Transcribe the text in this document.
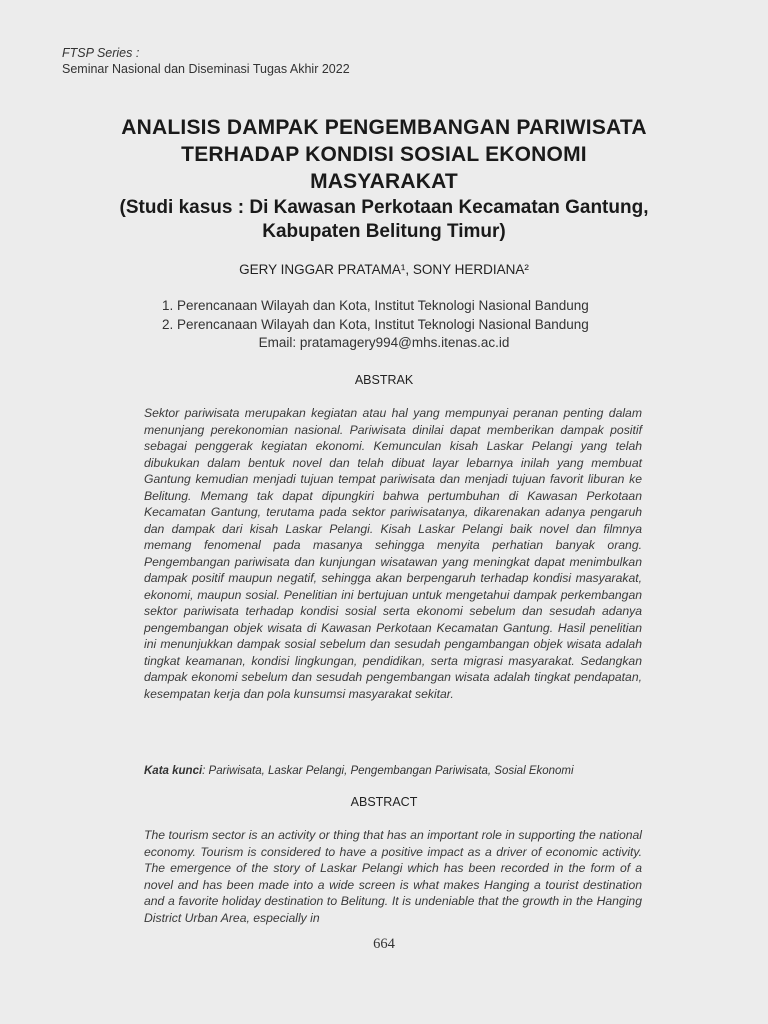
FTSP Series :
Seminar Nasional dan Diseminasi Tugas Akhir 2022
ANALISIS DAMPAK PENGEMBANGAN PARIWISATA
TERHADAP KONDISI SOSIAL EKONOMI
MASYARAKAT
(Studi kasus : Di Kawasan Perkotaan Kecamatan Gantung,
Kabupaten Belitung Timur)
GERY INGGAR PRATAMA¹, SONY HERDIANA²
1. Perencanaan Wilayah dan Kota, Institut Teknologi Nasional Bandung
2. Perencanaan Wilayah dan Kota, Institut Teknologi Nasional Bandung
Email: pratamagery994@mhs.itenas.ac.id
ABSTRAK

Sektor pariwisata merupakan kegiatan atau hal yang mempunyai peranan penting dalam menunjang perekonomian nasional. Pariwisata dinilai dapat memberikan dampak positif sebagai penggerak kegiatan ekonomi. Kemunculan kisah Laskar Pelangi yang telah dibukukan dalam bentuk novel dan telah dibuat layar lebarnya inilah yang membuat Gantung kemudian menjadi tujuan tempat pariwisata dan menjadi tujuan favorit liburan ke Belitung. Memang tak dapat dipungkiri bahwa pertumbuhan di Kawasan Perkotaan Kecamatan Gantung, terutama pada sektor pariwisatanya, dikarenakan adanya pengaruh dan dampak dari kisah Laskar Pelangi. Kisah Laskar Pelangi baik novel dan filmnya memang fenomenal pada masanya sehingga menyita perhatian banyak orang. Pengembangan pariwisata dan kunjungan wisatawan yang meningkat dapat menimbulkan dampak positif maupun negatif, sehingga akan berpengaruh terhadap kondisi masyarakat, ekonomi, maupun sosial. Penelitian ini bertujuan untuk mengetahui dampak perkembangan sektor pariwisata terhadap kondisi sosial serta ekonomi sebelum dan sesudah adanya pengembangan objek wisata di Kawasan Perkotaan Kecamatan Gantung. Hasil penelitian ini menunjukkan dampak sosial sebelum dan sesudah pengambangan objek wisata adalah tingkat keamanan, kondisi lingkungan, pendidikan, serta migrasi masyarakat. Sedangkan dampak ekonomi sebelum dan sesudah pengembangan wisata adalah tingkat pendapatan, kesempatan kerja dan pola kunsumsi masyarakat sekitar.

Kata kunci: Pariwisata, Laskar Pelangi, Pengembangan Pariwisata, Sosial Ekonomi
ABSTRACT

The tourism sector is an activity or thing that has an important role in supporting the national economy. Tourism is considered to have a positive impact as a driver of economic activity. The emergence of the story of Laskar Pelangi which has been recorded in the form of a novel and has been made into a wide screen is what makes Hanging a tourist destination and a favorite holiday destination to Belitung. It is undeniable that the growth in the Hanging District Urban Area, especially in

664
